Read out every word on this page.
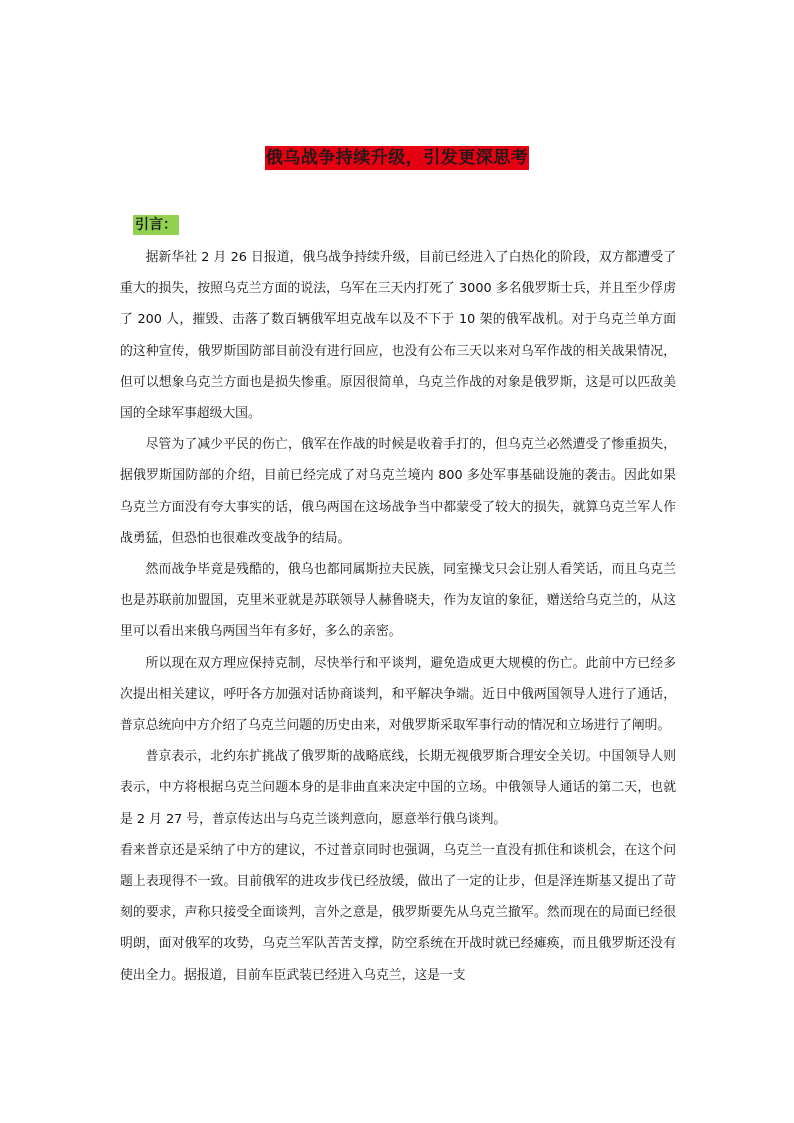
俄乌战争持续升级，引发更深思考
引言：

据新华社 2 月 26 日报道，俄乌战争持续升级，目前已经进入了白热化的阶段，双方都遭受了重大的损失，按照乌克兰方面的说法，乌军在三天内打死了 3000 多名俄罗斯士兵，并且至少俘虏了 200 人，摧毁、击落了数百辆俄军坦克战车以及不下于 10 架的俄军战机。对于乌克兰单方面的这种宣传，俄罗斯国防部目前没有进行回应，也没有公布三天以来对乌军作战的相关战果情况，但可以想象乌克兰方面也是损失惨重。原因很简单，乌克兰作战的对象是俄罗斯，这是可以匹敌美国的全球军事超级大国。

尽管为了减少平民的伤亡，俄军在作战的时候是收着手打的，但乌克兰必然遭受了惨重损失，据俄罗斯国防部的介绍，目前已经完成了对乌克兰境内 800 多处军事基础设施的袭击。因此如果乌克兰方面没有夸大事实的话，俄乌两国在这场战争当中都蒙受了较大的损失，就算乌克兰军人作战勇猛，但恐怕也很难改变战争的结局。

然而战争毕竟是残酷的，俄乌也都同属斯拉夫民族，同室操戈只会让别人看笑话，而且乌克兰也是苏联前加盟国，克里米亚就是苏联领导人赫鲁晓夫，作为友谊的象征，赠送给乌克兰的，从这里可以看出来俄乌两国当年有多好，多么的亲密。

所以现在双方理应保持克制，尽快举行和平谈判，避免造成更大规模的伤亡。此前中方已经多次提出相关建议，呼吁各方加强对话协商谈判，和平解决争端。近日中俄两国领导人进行了通话，普京总统向中方介绍了乌克兰问题的历史由来，对俄罗斯采取军事行动的情况和立场进行了阐明。

普京表示，北约东扩挑战了俄罗斯的战略底线，长期无视俄罗斯合理安全关切。中国领导人则表示，中方将根据乌克兰问题本身的是非曲直来决定中国的立场。中俄领导人通话的第二天，也就是 2 月 27 号，普京传达出与乌克兰谈判意向，愿意举行俄乌谈判。

看来普京还是采纳了中方的建议，不过普京同时也强调，乌克兰一直没有抓住和谈机会，在这个问题上表现得不一致。目前俄军的进攻步伐已经放缓，做出了一定的让步，但是泽连斯基又提出了苛刻的要求，声称只接受全面谈判，言外之意是，俄罗斯要先从乌克兰撤军。然而现在的局面已经很明朗，面对俄军的攻势，乌克兰军队苦苦支撑，防空系统在开战时就已经瘫痪，而且俄罗斯还没有使出全力。据报道，目前车臣武装已经进入乌克兰，这是一支
